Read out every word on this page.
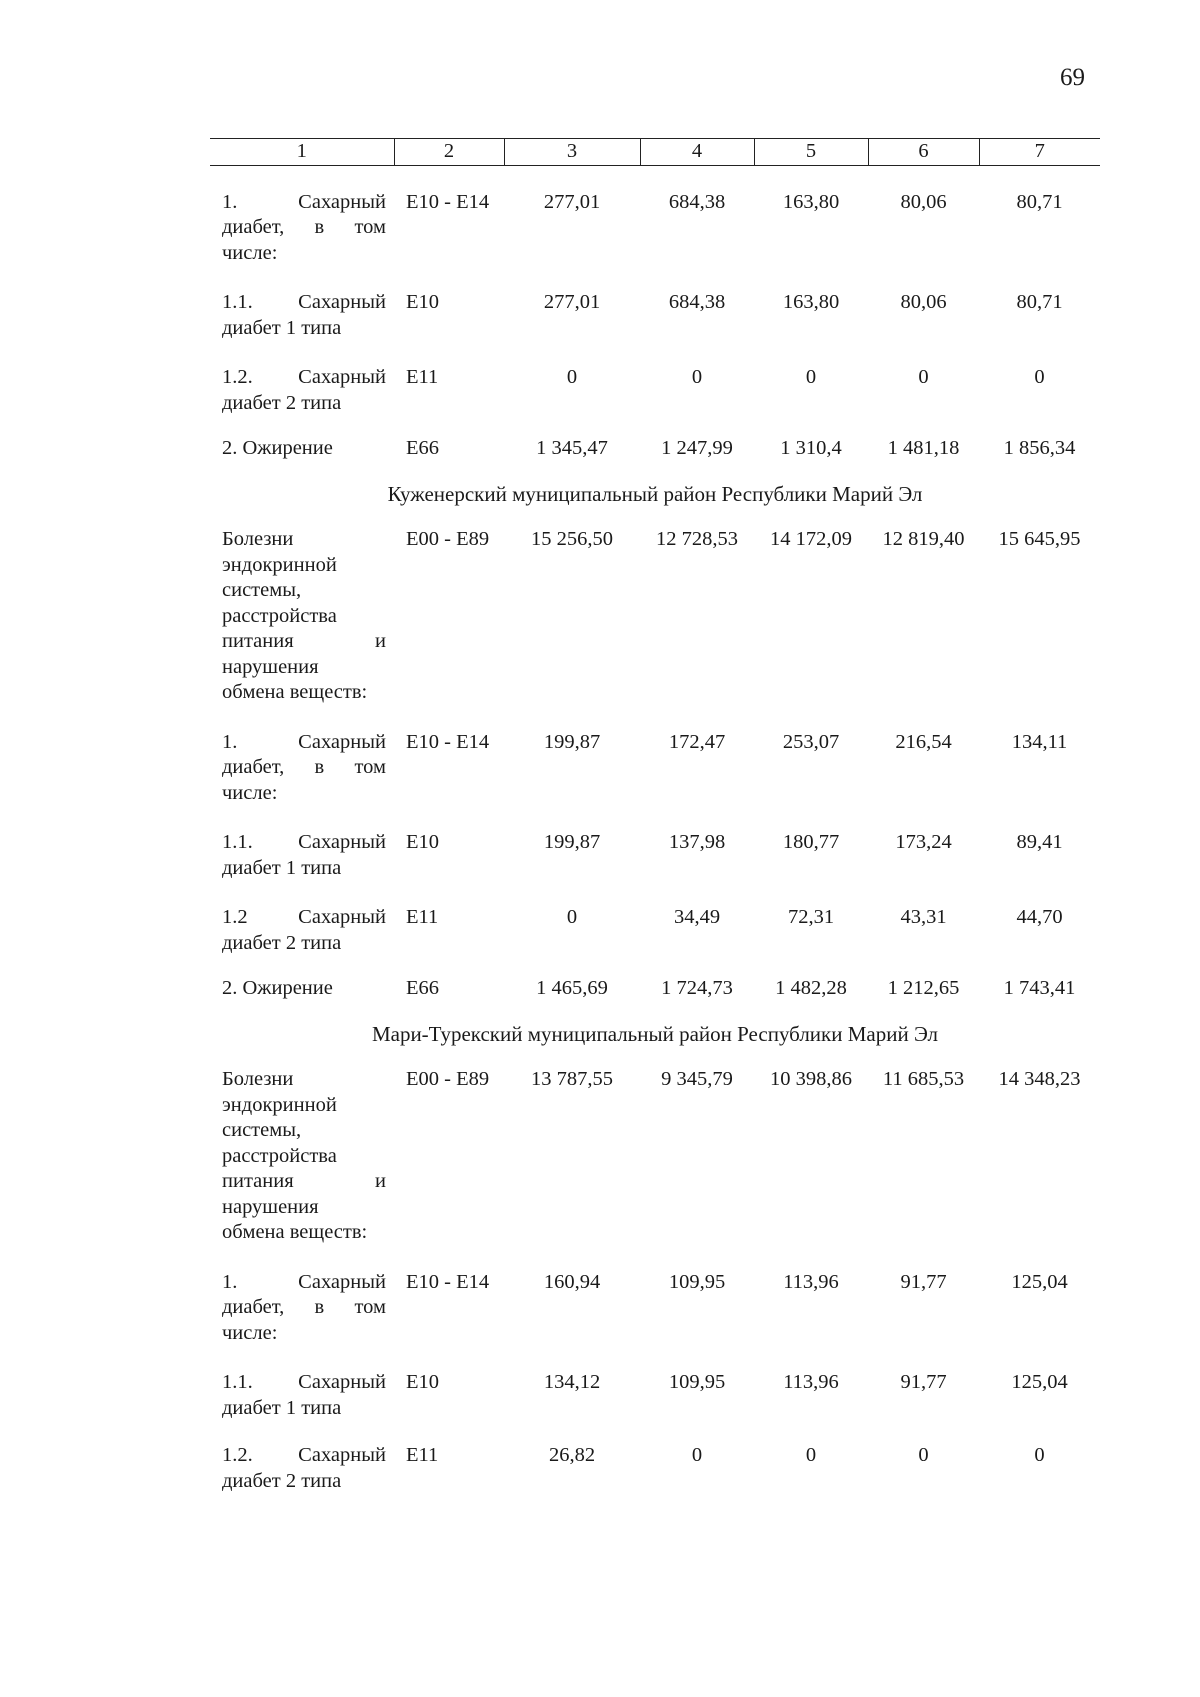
69
1	2	3	4	5	6	7
1. Сахарный диабет, в том числе:	Е10 - Е14	277,01	684,38	163,80	80,06	80,71
1.1. Сахарный диабет 1 типа	Е10	277,01	684,38	163,80	80,06	80,71
1.2. Сахарный диабет 2 типа	Е11	0	0	0	0	0
2. Ожирение	Е66	1 345,47	1 247,99	1 310,4	1 481,18	1 856,34
Куженерский муниципальный район Республики Марий Эл						
Болезни эндокринной системы, расстройства питания и нарушения обмена веществ:	Е00 - Е89	15 256,50	12 728,53	14 172,09	12 819,40	15 645,95
1. Сахарный диабет, в том числе:	Е10 - Е14	199,87	172,47	253,07	216,54	134,11
1.1. Сахарный диабет 1 типа	Е10	199,87	137,98	180,77	173,24	89,41
1.2 Сахарный диабет 2 типа	Е11	0	34,49	72,31	43,31	44,70
2. Ожирение	Е66	1 465,69	1 724,73	1 482,28	1 212,65	1 743,41
Мари-Турекский муниципальный район Республики Марий Эл						
Болезни эндокринной системы, расстройства питания и нарушения обмена веществ:	Е00 - Е89	13 787,55	9 345,79	10 398,86	11 685,53	14 348,23
1. Сахарный диабет, в том числе:	Е10 - Е14	160,94	109,95	113,96	91,77	125,04
1.1. Сахарный диабет 1 типа	Е10	134,12	109,95	113,96	91,77	125,04
1.2. Сахарный диабет 2 типа	Е11	26,82	0	0	0	0
